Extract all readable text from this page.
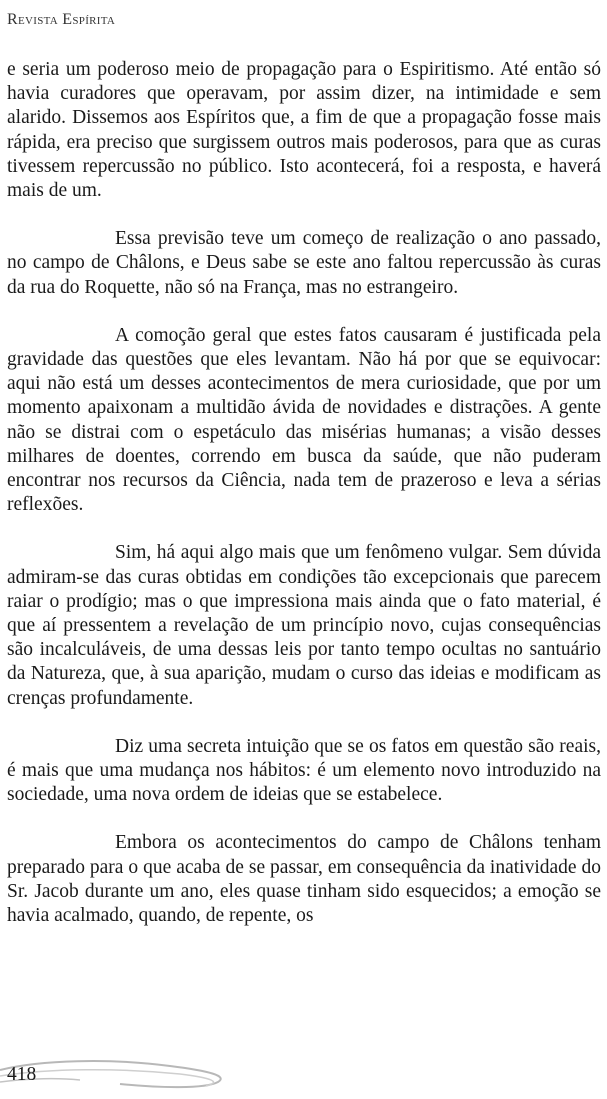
Revista Espírita

e seria um poderoso meio de propagação para o Espiritismo. Até então só havia curadores que operavam, por assim dizer, na intimidade e sem alarido. Dissemos aos Espíritos que, a fim de que a propagação fosse mais rápida, era preciso que surgissem outros mais poderosos, para que as curas tivessem repercussão no público. Isto acontecerá, foi a resposta, e haverá mais de um.

Essa previsão teve um começo de realização o ano passado, no campo de Châlons, e Deus sabe se este ano faltou repercussão às curas da rua do Roquette, não só na França, mas no estrangeiro.

A comoção geral que estes fatos causaram é justificada pela gravidade das questões que eles levantam. Não há por que se equivocar: aqui não está um desses acontecimentos de mera curiosidade, que por um momento apaixonam a multidão ávida de novidades e distrações. A gente não se distrai com o espetáculo das misérias humanas; a visão desses milhares de doentes, correndo em busca da saúde, que não puderam encontrar nos recursos da Ciência, nada tem de prazeroso e leva a sérias reflexões.

Sim, há aqui algo mais que um fenômeno vulgar. Sem dúvida admiram-se das curas obtidas em condições tão excepcionais que parecem raiar o prodígio; mas o que impressiona mais ainda que o fato material, é que aí pressentem a revelação de um princípio novo, cujas consequências são incalculáveis, de uma dessas leis por tanto tempo ocultas no santuário da Natureza, que, à sua aparição, mudam o curso das ideias e modificam as crenças profundamente.

Diz uma secreta intuição que se os fatos em questão são reais, é mais que uma mudança nos hábitos: é um elemento novo introduzido na sociedade, uma nova ordem de ideias que se estabelece.

Embora os acontecimentos do campo de Châlons tenham preparado para o que acaba de se passar, em consequência da inatividade do Sr. Jacob durante um ano, eles quase tinham sido esquecidos; a emoção se havia acalmado, quando, de repente, os

418
